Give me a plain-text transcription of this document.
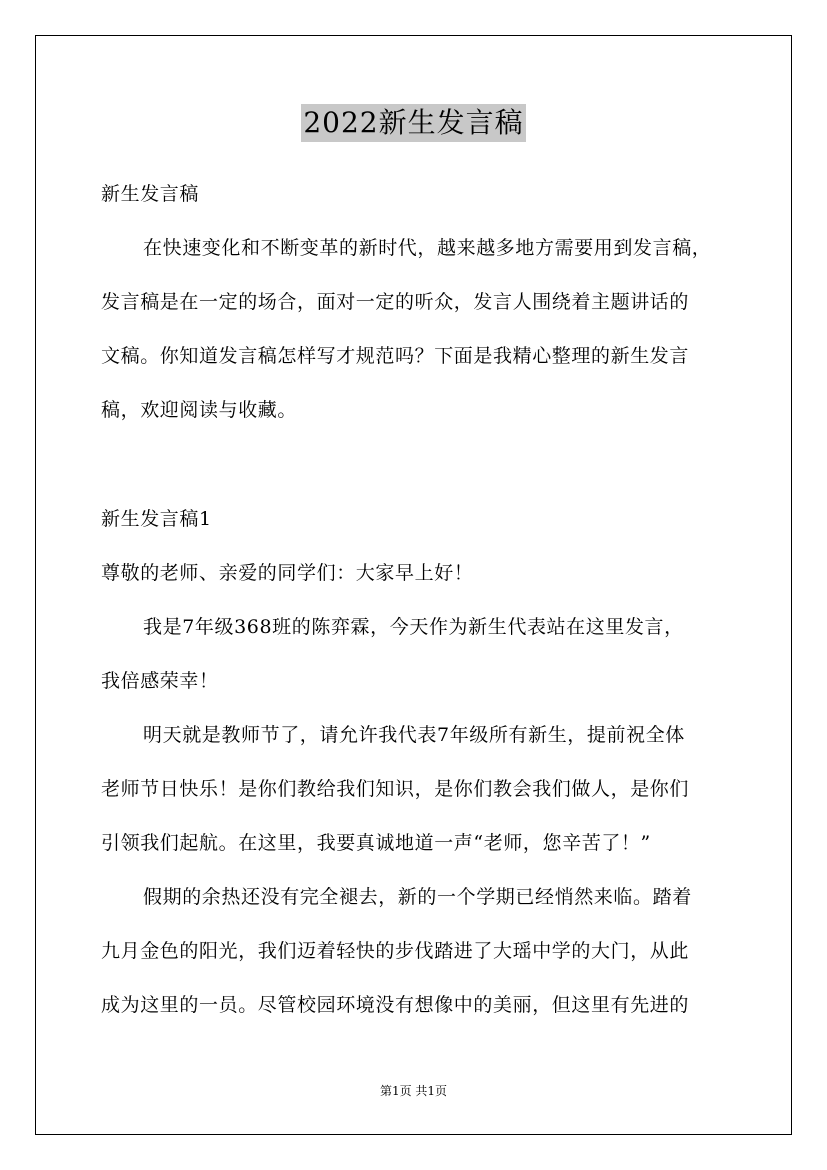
2022新生发言稿
新生发言稿
在快速变化和不断变革的新时代，越来越多地方需要用到发言稿，
发言稿是在一定的场合，面对一定的听众，发言人围绕着主题讲话的
文稿。你知道发言稿怎样写才规范吗？下面是我精心整理的新生发言
稿，欢迎阅读与收藏。
新生发言稿1
尊敬的老师、亲爱的同学们：大家早上好！
我是7年级368班的陈弈霖，今天作为新生代表站在这里发言，
我倍感荣幸！
明天就是教师节了，请允许我代表7年级所有新生，提前祝全体
老师节日快乐！是你们教给我们知识，是你们教会我们做人，是你们
引领我们起航。在这里，我要真诚地道一声“老师，您辛苦了！”
假期的余热还没有完全褪去，新的一个学期已经悄然来临。踏着
九月金色的阳光，我们迈着轻快的步伐踏进了大瑶中学的大门，从此
成为这里的一员。尽管校园环境没有想像中的美丽，但这里有先进的
第1页 共1页
